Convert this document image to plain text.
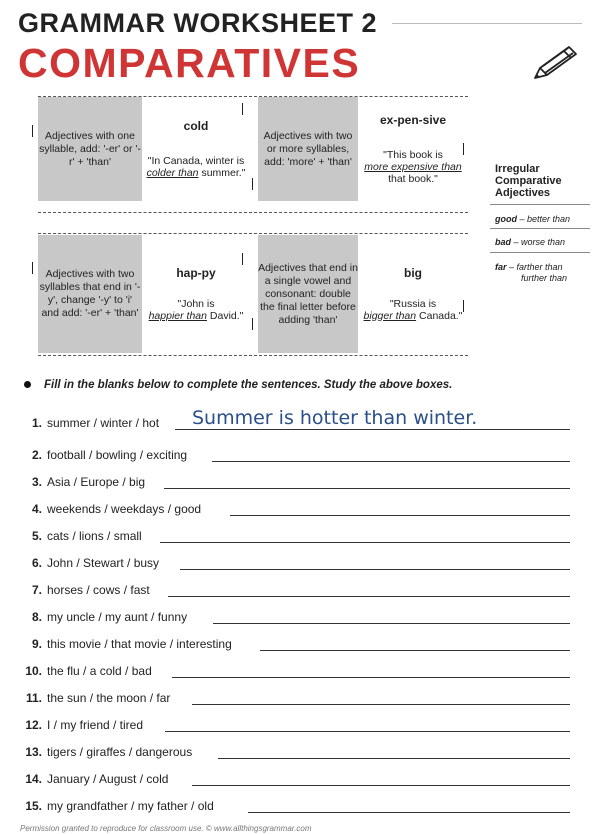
GRAMMAR WORKSHEET 2
COMPARATIVES
Adjectives with one syllable, add: '-er' or '-r' + 'than'
cold
"In Canada, winter is
colder than summer."
Adjectives with two or more syllables, add: 'more' + 'than'
ex-pen-sive
"This book is
more expensive than that book."
Adjectives with two syllables that end in '-y', change '-y' to 'i' and add: '-er' + 'than'
hap-py
"John is
happier than David."
Adjectives that end in a single vowel and consonant: double the final letter before adding 'than'
big
"Russia is
bigger than Canada."
Irregular Comparative Adjectives
good – better than
bad – worse than
far – farther than
further than
Fill in the blanks below to complete the sentences. Study the above boxes.
1. summer / winter / hot Summer is hotter than winter.
2. football / bowling / exciting
3. Asia / Europe / big
4. weekends / weekdays / good
5. cats / lions / small
6. John / Stewart / busy
7. horses / cows / fast
8. my uncle / my aunt / funny
9. this movie / that movie / interesting
10. the flu / a cold / bad
11. the sun / the moon / far
12. I / my friend / tired
13. tigers / giraffes / dangerous
14. January / August / cold
15. my grandfather / my father / old
Permission granted to reproduce for classroom use. © www.allthingsgrammar.com
